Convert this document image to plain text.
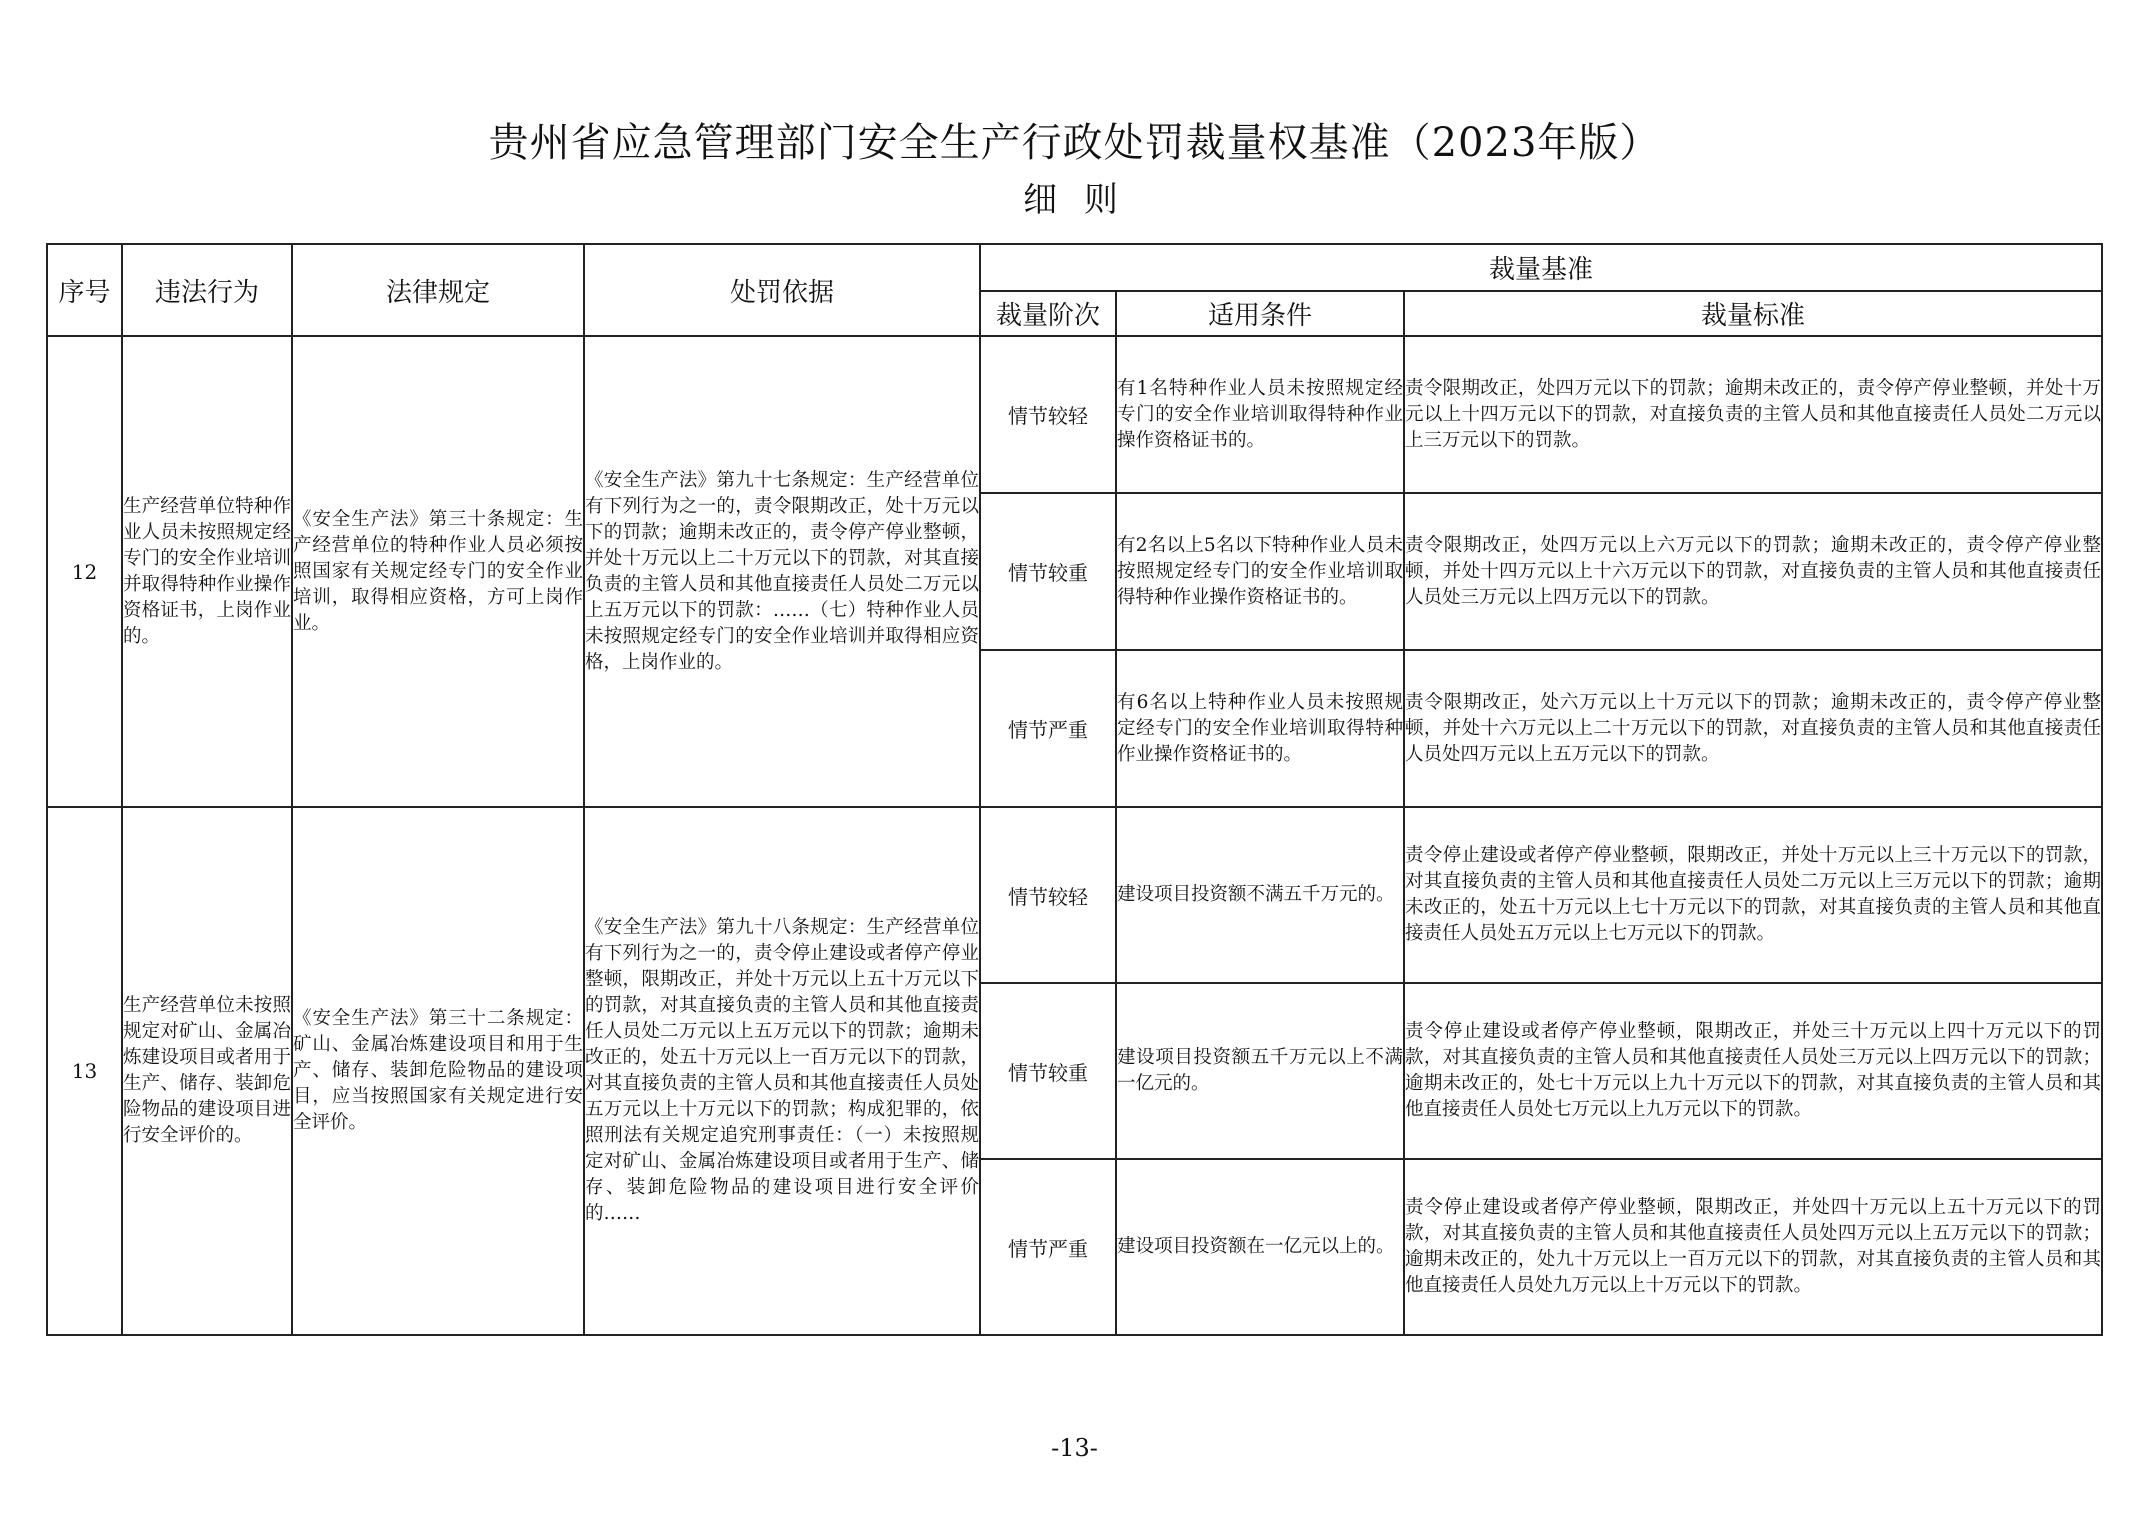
贵州省应急管理部门安全生产行政处罚裁量权基准（2023年版）
细 则
序号	违法行为	法律规定	处罚依据	裁量基准		
				裁量阶次	适用条件	裁量标准
12	生产经营单位特种作业人员未按照规定经专门的安全作业培训并取得特种作业操作资格证书，上岗作业的。	《安全生产法》第三十条规定：生产经营单位的特种作业人员必须按照国家有关规定经专门的安全作业培训，取得相应资格，方可上岗作业。	《安全生产法》第九十七条规定：生产经营单位有下列行为之一的，责令限期改正，处十万元以下的罚款；逾期未改正的，责令停产停业整顿，并处十万元以上二十万元以下的罚款，对其直接负责的主管人员和其他直接责任人员处二万元以上五万元以下的罚款：……（七）特种作业人员未按照规定经专门的安全作业培训并取得相应资格，上岗作业的。	情节较轻	有1名特种作业人员未按照规定经专门的安全作业培训取得特种作业操作资格证书的。	责令限期改正，处四万元以下的罚款；逾期未改正的，责令停产停业整顿，并处十万元以上十四万元以下的罚款，对直接负责的主管人员和其他直接责任人员处二万元以上三万元以下的罚款。
				情节较重	有2名以上5名以下特种作业人员未按照规定经专门的安全作业培训取得特种作业操作资格证书的。	责令限期改正，处四万元以上六万元以下的罚款；逾期未改正的，责令停产停业整顿，并处十四万元以上十六万元以下的罚款，对直接负责的主管人员和其他直接责任人员处三万元以上四万元以下的罚款。
				情节严重	有6名以上特种作业人员未按照规定经专门的安全作业培训取得特种作业操作资格证书的。	责令限期改正，处六万元以上十万元以下的罚款；逾期未改正的，责令停产停业整顿，并处十六万元以上二十万元以下的罚款，对直接负责的主管人员和其他直接责任人员处四万元以上五万元以下的罚款。
13	生产经营单位未按照规定对矿山、金属冶炼建设项目或者用于生产、储存、装卸危险物品的建设项目进行安全评价的。	《安全生产法》第三十二条规定：矿山、金属冶炼建设项目和用于生产、储存、装卸危险物品的建设项目，应当按照国家有关规定进行安全评价。	《安全生产法》第九十八条规定：生产经营单位有下列行为之一的，责令停止建设或者停产停业整顿，限期改正，并处十万元以上五十万元以下的罚款，对其直接负责的主管人员和其他直接责任人员处二万元以上五万元以下的罚款；逾期未改正的，处五十万元以上一百万元以下的罚款，对其直接负责的主管人员和其他直接责任人员处五万元以上十万元以下的罚款；构成犯罪的，依照刑法有关规定追究刑事责任：（一）未按照规定对矿山、金属冶炼建设项目或者用于生产、储存、装卸危险物品的建设项目进行安全评价的……	情节较轻	建设项目投资额不满五千万元的。	责令停止建设或者停产停业整顿，限期改正，并处十万元以上三十万元以下的罚款，对其直接负责的主管人员和其他直接责任人员处二万元以上三万元以下的罚款；逾期未改正的，处五十万元以上七十万元以下的罚款，对其直接负责的主管人员和其他直接责任人员处五万元以上七万元以下的罚款。
				情节较重	建设项目投资额五千万元以上不满一亿元的。	责令停止建设或者停产停业整顿，限期改正，并处三十万元以上四十万元以下的罚款，对其直接负责的主管人员和其他直接责任人员处三万元以上四万元以下的罚款；逾期未改正的，处七十万元以上九十万元以下的罚款，对其直接负责的主管人员和其他直接责任人员处七万元以上九万元以下的罚款。
				情节严重	建设项目投资额在一亿元以上的。	责令停止建设或者停产停业整顿，限期改正，并处四十万元以上五十万元以下的罚款，对其直接负责的主管人员和其他直接责任人员处四万元以上五万元以下的罚款；逾期未改正的，处九十万元以上一百万元以下的罚款，对其直接负责的主管人员和其他直接责任人员处九万元以上十万元以下的罚款。
-13-
